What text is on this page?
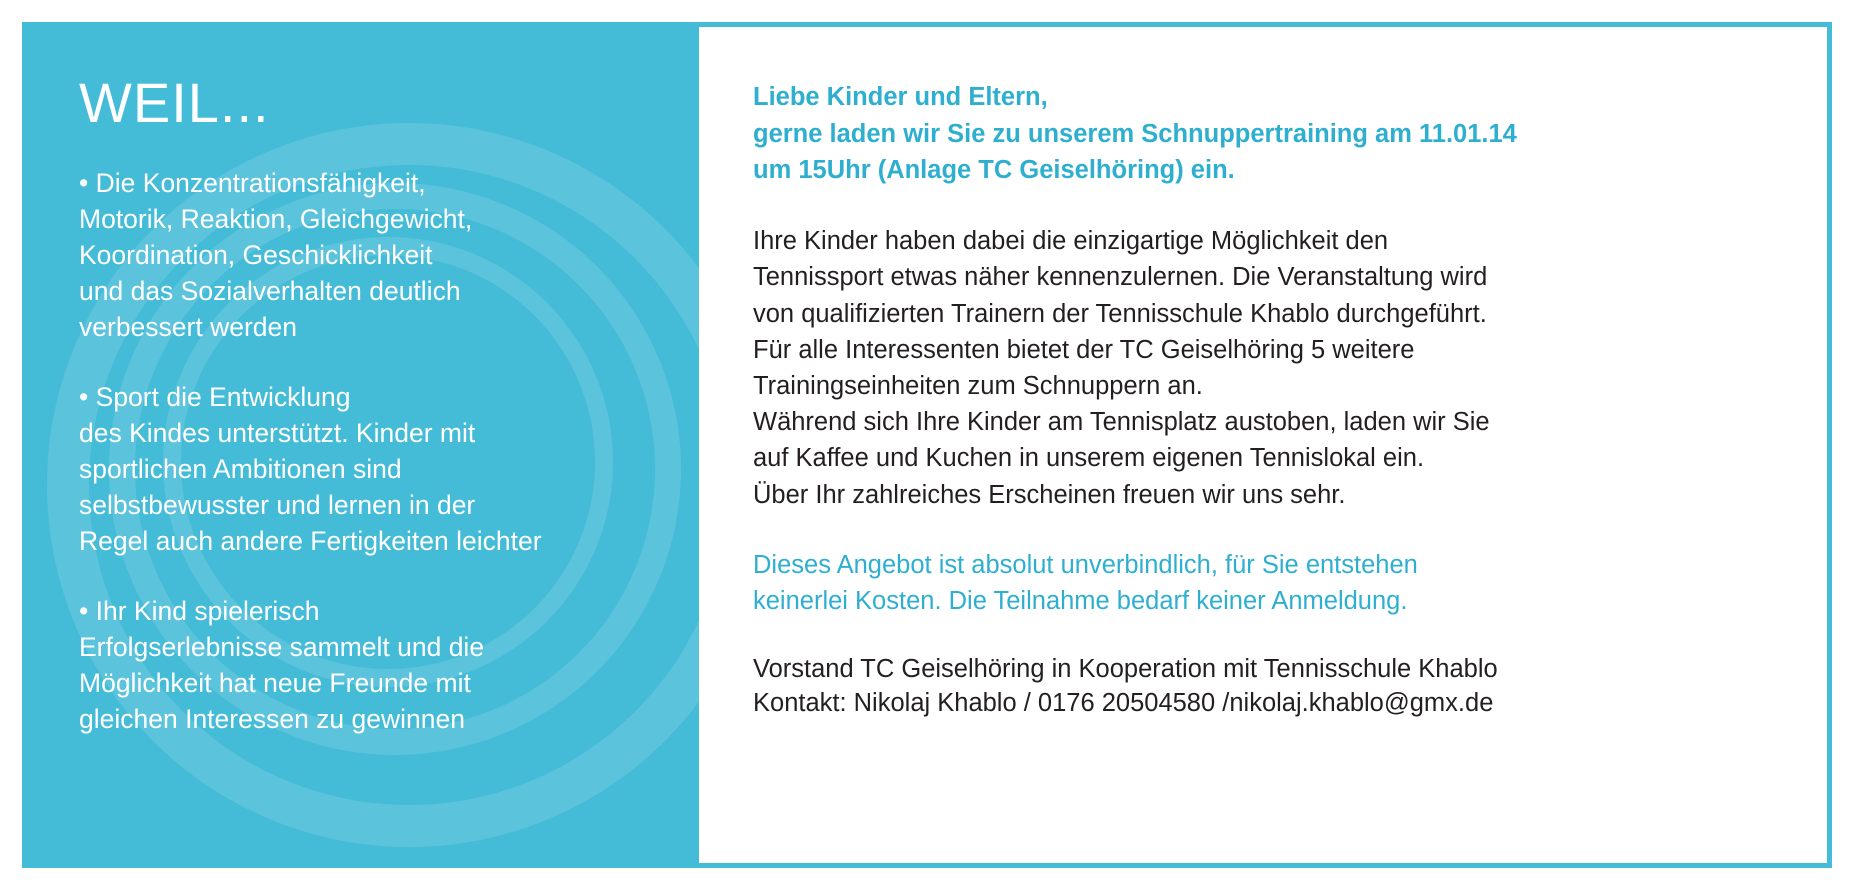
WEIL...
• Die Konzentrationsfähigkeit,
Motorik, Reaktion, Gleichgewicht,
Koordination, Geschicklichkeit
und das Sozialverhalten deutlich
verbessert werden
• Sport die Entwicklung
des Kindes unterstützt. Kinder mit
sportlichen Ambitionen sind
selbstbewusster und lernen in der
Regel auch andere Fertigkeiten leichter
• Ihr Kind spielerisch
Erfolgserlebnisse sammelt und die
Möglichkeit hat neue Freunde mit
gleichen Interessen zu gewinnen
Liebe Kinder und Eltern,
gerne laden wir Sie zu unserem Schnuppertraining am 11.01.14
um 15Uhr (Anlage TC Geiselhöring) ein.
Ihre Kinder haben dabei die einzigartige Möglichkeit den
Tennissport etwas näher kennenzulernen. Die Veranstaltung wird
von qualifizierten Trainern der Tennisschule Khablo durchgeführt.
Für alle Interessenten bietet der TC Geiselhöring 5 weitere
Trainingseinheiten zum Schnuppern an.
Während sich Ihre Kinder am Tennisplatz austoben, laden wir Sie
auf Kaffee und Kuchen in unserem eigenen Tennislokal ein.
Über Ihr zahlreiches Erscheinen freuen wir uns sehr.
Dieses Angebot ist absolut unverbindlich, für Sie entstehen
keinerlei Kosten. Die Teilnahme bedarf keiner Anmeldung.
Vorstand TC Geiselhöring in Kooperation mit Tennisschule Khablo
Kontakt: Nikolaj Khablo / 0176 20504580 /nikolaj.khablo@gmx.de
